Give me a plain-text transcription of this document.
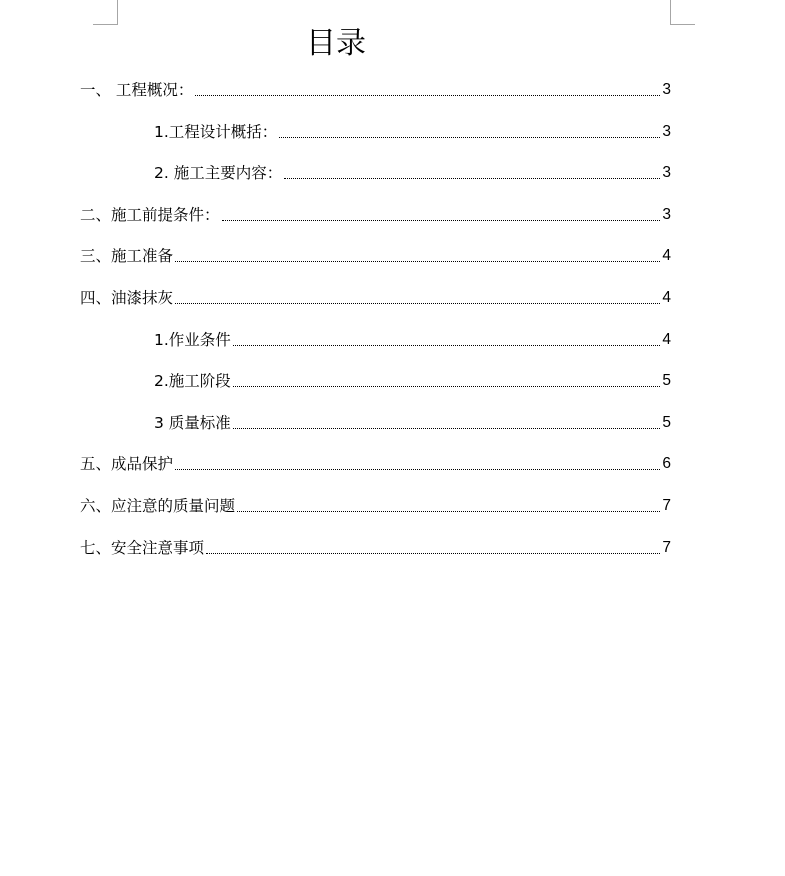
目录
一、 工程概况：	3
1.工程设计概括：	3
2. 施工主要内容：	3
二、施工前提条件：	3
三、施工准备	4
四、油漆抹灰	4
1.作业条件	4
2.施工阶段	5
3 质量标准	5
五、成品保护	6
六、应注意的质量问题	7
七、安全注意事项	7
